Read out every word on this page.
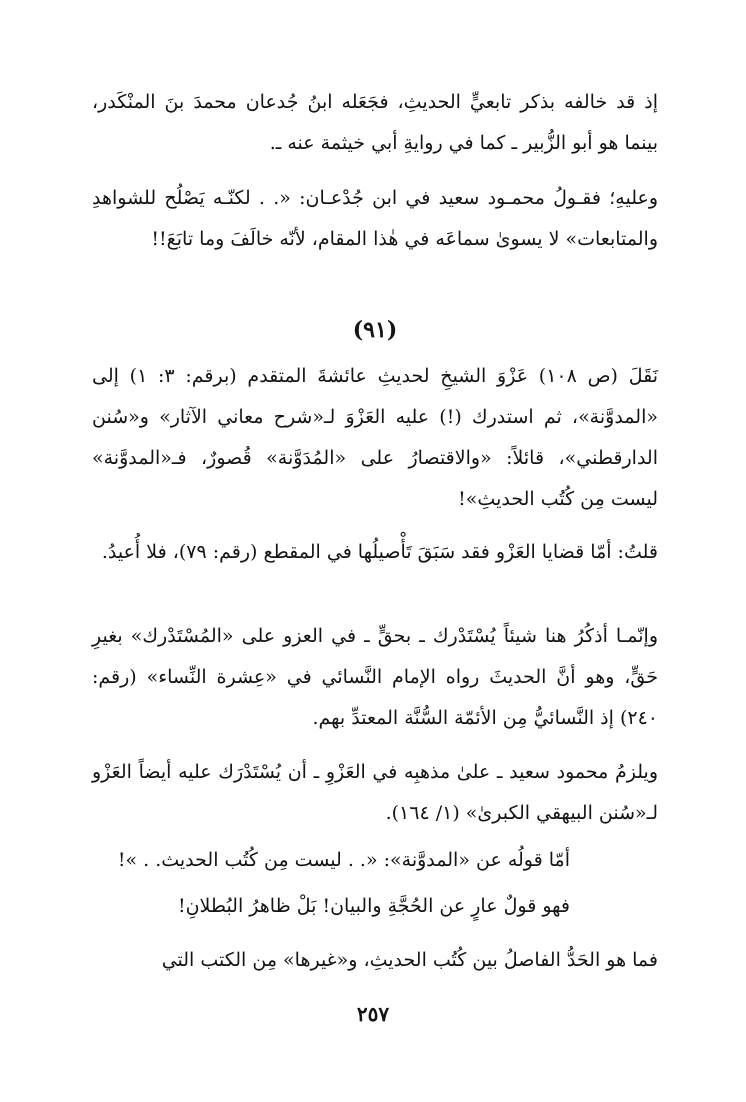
إذ قد خالفه بذكر تابعيٍّ الحديثِ، فجَعَله ابنُ جُدعان محمدَ بنَ المنْكَدر، بينما هو أبو الزُّبير ـ كما في روايةِ أبي خيثمة عنه ـ.

وعليهِ؛ فقـولُ محمـود سعيد في ابن جُدْعـان: «. . لكنّـه يَصْلُح للشواهدِ والمتابعات» لا يسوىٰ سماعَه في هٰذا المقام، لأنّه خالَفَ وما تابَعَ!!

(٩١)

نَقَلَ (ص ١٠٨) عَزْوَ الشيخِ لحديثِ عائشةَ المتقدم (برقم: ٣: ١) إلى «المدوَّنة»، ثم استدرك (!) عليه العَزْوَ لـ«شرح معاني الآثار» و«سُنن الدارقطني»، قائلاً: «والاقتصارُ على «المُدَوَّنة» قُصورٌ، فـ«المدوَّنة» ليست مِن كُتُب الحديثِ»!

قلتُ: أمّا قضايا العَزْو فقد سَبَقَ تَأْصيلُها في المقطع (رقم: ٧٩)، فلا أُعيدُ.

وإنّمـا أذكُرُ هنا شيئاً يُسْتَدْرك ـ بحقٍّ ـ في العزو على «المُسْتَدْرك» بغيرِ حَقٍّ، وهو أنَّ الحديثَ رواه الإمام النَّسائي في «عِشرة النِّساء» (رقم: ٢٤٠) إذ النَّسائيُّ مِن الأئمّة السُّنَّة المعتدِّ بهم.

ويلزمُ محمود سعيد ـ علىٰ مذهبِه في العَزْوِ ـ أن يُسْتَدْرَك عليه أيضاً العَزْو لـ«سُنن البيهقي الكبرىٰ» (١/ ١٦٤).

أمّا قولُه عن «المدوَّنة»: «. . ليست مِن كُتُب الحديث. . »!
فهو قولٌ عارٍ عن الحُجَّةِ والبيان! بَلْ ظاهرُ البُطلانِ!
فما هو الحَدُّ الفاصلُ بين كُتُب الحديثِ، و«غيرها» مِن الكتب التي
٢٥٧
